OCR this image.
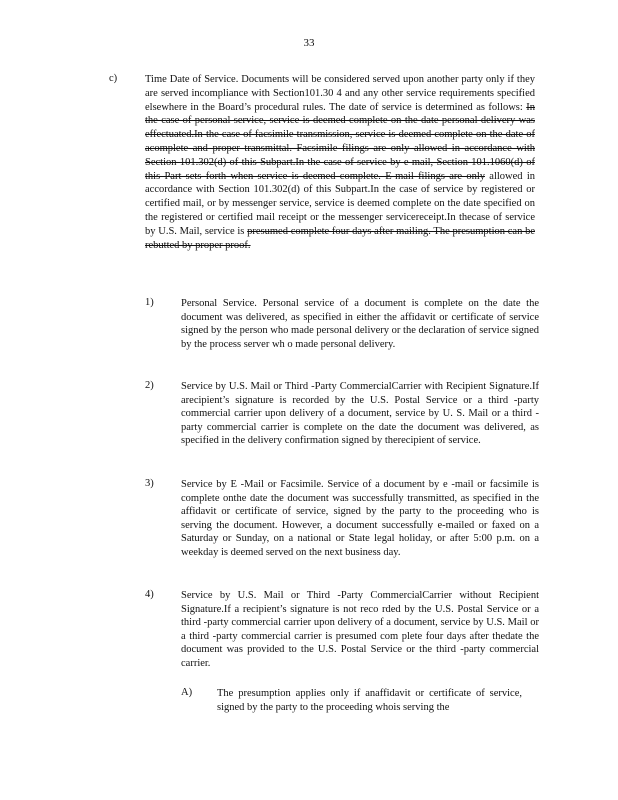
33
c)	Time Date of Service. Documents will be considered served upon another party only if they are served incompliance with Section101.30 4 and any other service requirements specified elsewhere in the Board’s procedural rules. The date of service is determined as follows: In the case of personal service, service is deemed complete on the date personal delivery was effectuated.In the case of facsimile transmission, service is deemed complete on the date of acomplete and proper transmittal. Facsimile filings are only allowed in accordance with Section 101.302(d) of this Subpart.In the case of service by e mail, Section 101.1060(d) of this Part sets forth when service is deemed complete. E-mail filings are only allowed in accordance with Section 101.302(d) of this Subpart.In the case of service by registered or certified mail, or by messenger service, service is deemed complete on the date specified on the registered or certified mail receipt or the messenger servicereceipt.In thecase of service by U.S. Mail, service is presumed complete four days after mailing. The presumption can be rebutted by proper proof.

1)	Personal Service. Personal service of a document is complete on the date the document was delivered, as specified in either the affidavit or certificate of service signed by the person who made personal delivery or the declaration of service signed by the process server wh o made personal delivery.
2)	Service by U.S. Mail or Third -Party CommercialCarrier with Recipient Signature.If arecipient’s signature is recorded by the U.S. Postal Service or a third -party commercial carrier upon delivery of a document, service by U. S. Mail or a third -party commercial carrier is complete on the date the document was delivered, as specified in the delivery confirmation signed by therecipient of service.
3)	Service by E -Mail or Facsimile. Service of a document by e -mail or facsimile is complete onthe date the document was successfully transmitted, as specified in the affidavit or certificate of service, signed by the party to the proceeding who is serving the document. However, a document successfully e-mailed or faxed on a Saturday or Sunday, on a national or State legal holiday, or after 5:00 p.m. on a weekday is deemed served on the next business day.
4)	Service by U.S. Mail or Third -Party CommercialCarrier without Recipient Signature.If a recipient’s signature is not reco rded by the U.S. Postal Service or a third -party commercial carrier upon delivery of a document, service by U.S. Mail or a third -party commercial carrier is presumed com plete four days after thedate the document was provided to the U.S. Postal Service or the third -party commercial carrier.
A) The presumption applies only if anaffidavit or certificate of service, signed by the party to the proceeding whois serving the
